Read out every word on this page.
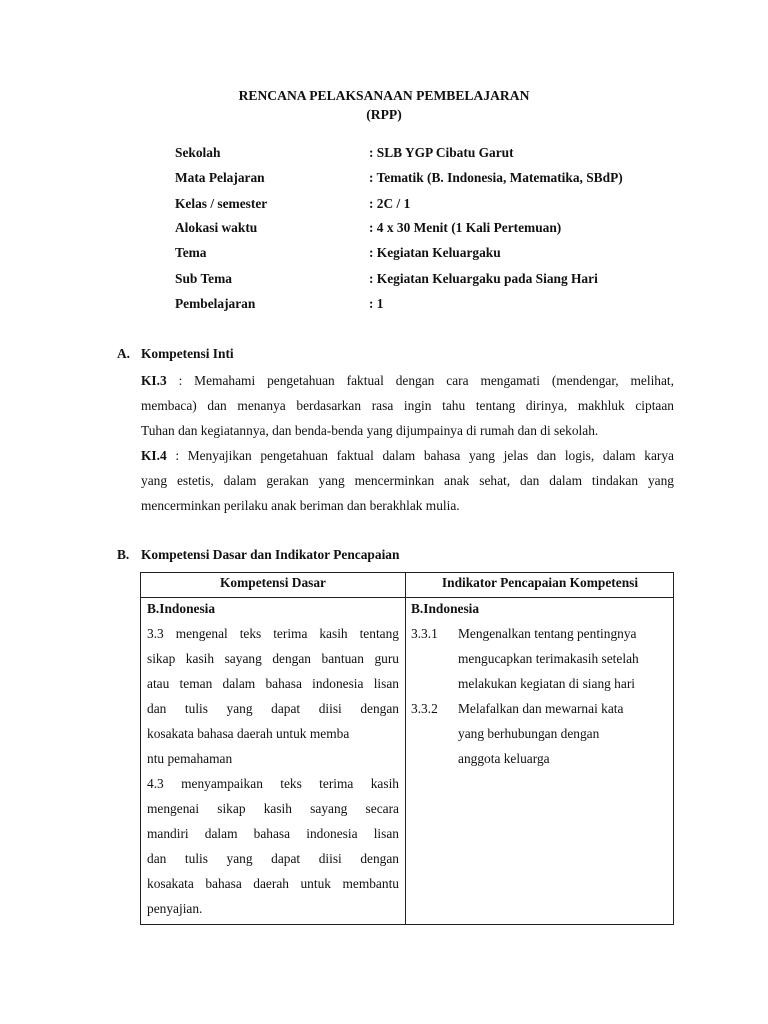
RENCANA PELAKSANAAN PEMBELAJARAN
(RPP)
Sekolah	: SLB YGP Cibatu Garut
Mata Pelajaran	: Tematik (B. Indonesia, Matematika, SBdP)
Kelas / semester	: 2C / 1
Alokasi waktu	: 4 x 30 Menit (1 Kali Pertemuan)
Tema	: Kegiatan Keluargaku
Sub Tema	: Kegiatan Keluargaku pada Siang Hari
Pembelajaran	: 1
A. Kompetensi Inti
KI.3 : Memahami pengetahuan faktual dengan cara mengamati (mendengar, melihat,
membaca) dan menanya berdasarkan rasa ingin tahu tentang dirinya, makhluk ciptaan
Tuhan dan kegiatannya, dan benda-benda yang dijumpainya di rumah dan di sekolah.
KI.4 : Menyajikan pengetahuan faktual dalam bahasa yang jelas dan logis, dalam karya
yang estetis, dalam gerakan yang mencerminkan anak sehat, dan dalam tindakan yang
mencerminkan perilaku anak beriman dan berakhlak mulia.
B. Kompetensi Dasar dan Indikator Pencapaian
Kompetensi Dasar	Indikator Pencapaian Kompetensi
B.Indonesia
3.3 mengenal teks terima kasih tentang
sikap kasih sayang dengan bantuan guru
atau teman dalam bahasa indonesia lisan
dan tulis yang dapat diisi dengan
kosakata bahasa daerah untuk memba
ntu pemahaman
4.3 menyampaikan teks terima kasih
mengenai sikap kasih sayang secara
mandiri dalam bahasa indonesia lisan
dan tulis yang dapat diisi dengan
kosakata bahasa daerah untuk membantu
penyajian.
B.Indonesia
3.3.1	Mengenalkan tentang pentingnya
mengucapkan terimakasih setelah
melakukan kegiatan di siang hari
3.3.2	Melafalkan dan mewarnai kata
yang berhubungan dengan
anggota keluarga
